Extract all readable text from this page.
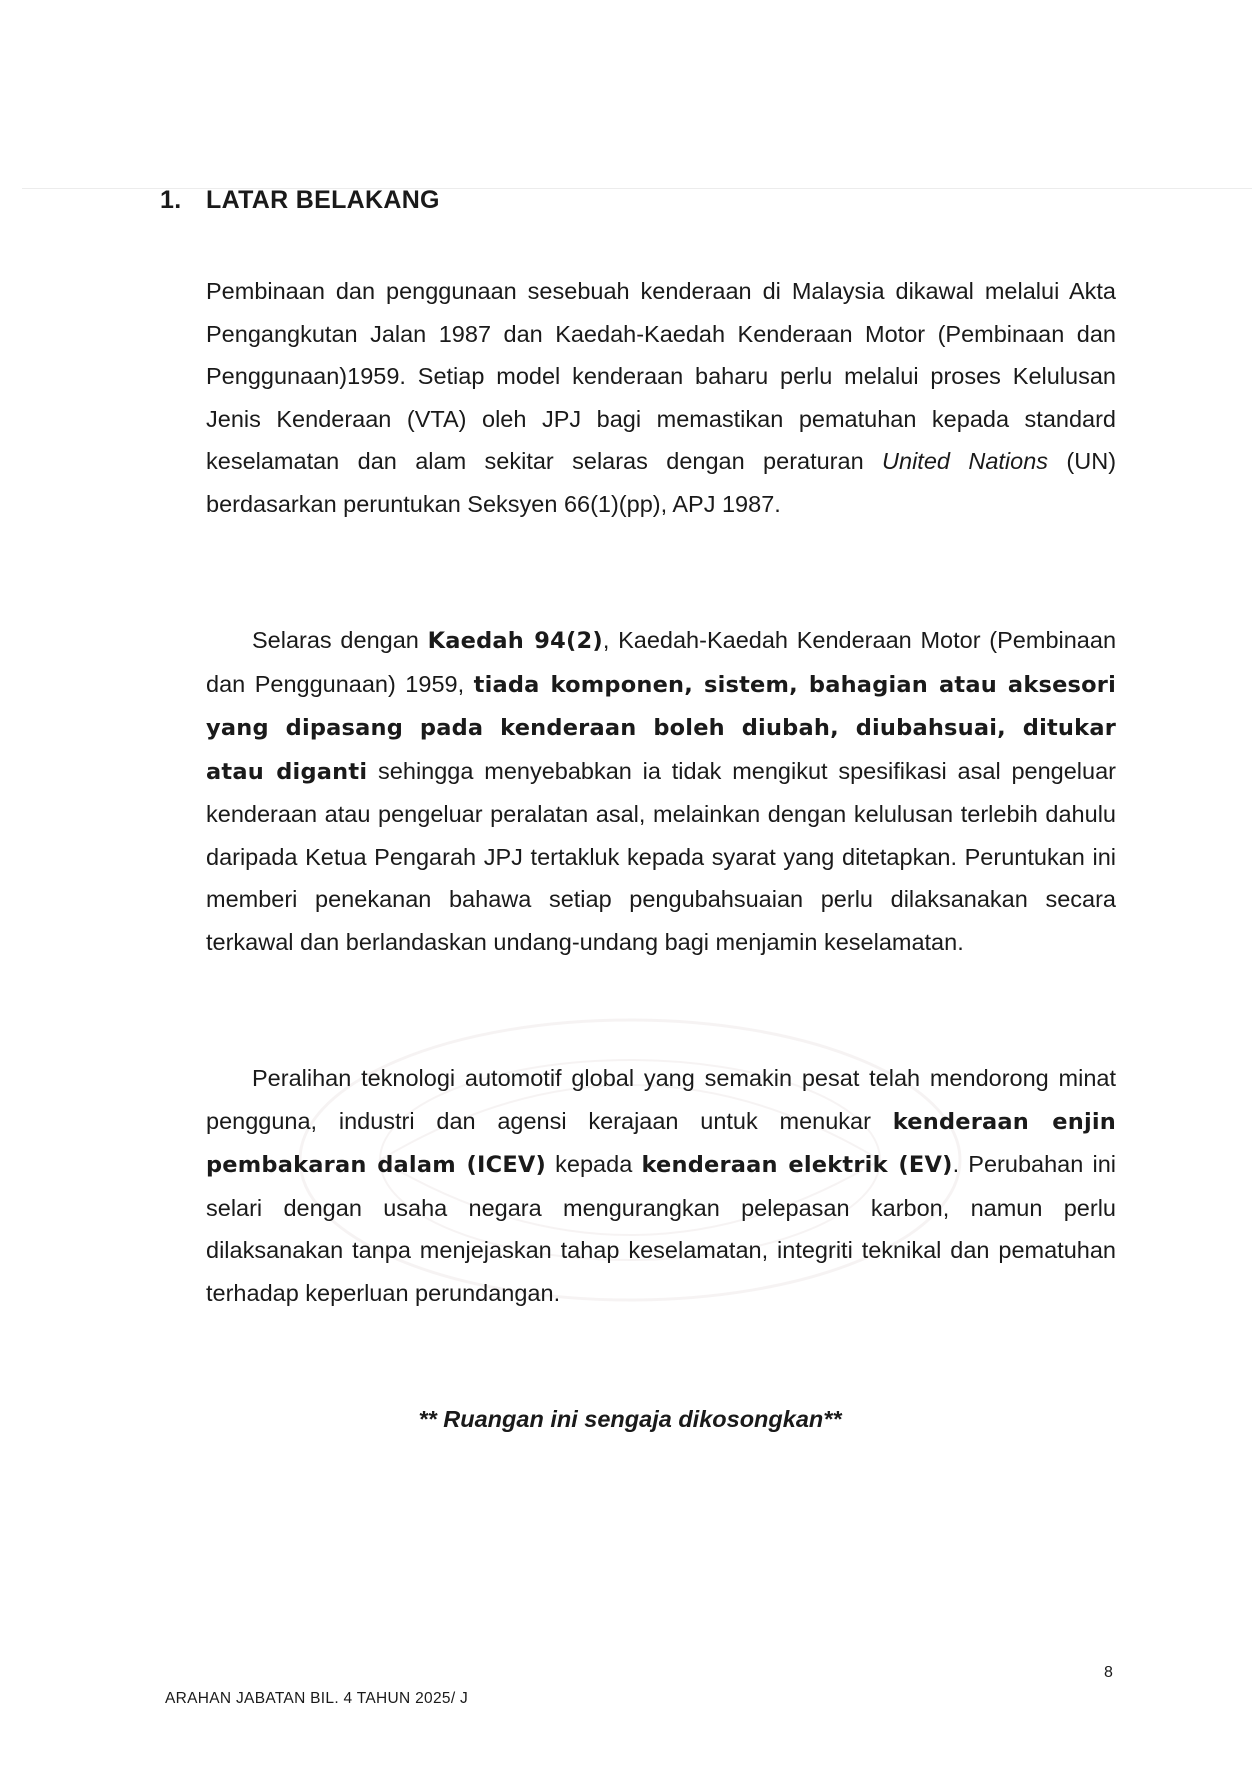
1. LATAR BELAKANG
Pembinaan dan penggunaan sesebuah kenderaan di Malaysia dikawal melalui Akta Pengangkutan Jalan 1987 dan Kaedah-Kaedah Kenderaan Motor (Pembinaan dan Penggunaan)1959. Setiap model kenderaan baharu perlu melalui proses Kelulusan Jenis Kenderaan (VTA) oleh JPJ bagi memastikan pematuhan kepada standard keselamatan dan alam sekitar selaras dengan peraturan United Nations (UN) berdasarkan peruntukan Seksyen 66(1)(pp), APJ 1987.
Selaras dengan Kaedah 94(2), Kaedah-Kaedah Kenderaan Motor (Pembinaan dan Penggunaan) 1959, tiada komponen, sistem, bahagian atau aksesori yang dipasang pada kenderaan boleh diubah, diubahsuai, ditukar atau diganti sehingga menyebabkan ia tidak mengikut spesifikasi asal pengeluar kenderaan atau pengeluar peralatan asal, melainkan dengan kelulusan terlebih dahulu daripada Ketua Pengarah JPJ tertakluk kepada syarat yang ditetapkan. Peruntukan ini memberi penekanan bahawa setiap pengubahsuaian perlu dilaksanakan secara terkawal dan berlandaskan undang-undang bagi menjamin keselamatan.
Peralihan teknologi automotif global yang semakin pesat telah mendorong minat pengguna, industri dan agensi kerajaan untuk menukar kenderaan enjin pembakaran dalam (ICEV) kepada kenderaan elektrik (EV). Perubahan ini selari dengan usaha negara mengurangkan pelepasan karbon, namun perlu dilaksanakan tanpa menjejaskan tahap keselamatan, integriti teknikal dan pematuhan terhadap keperluan perundangan.
** Ruangan ini sengaja dikosongkan**
ARAHAN JABATAN BIL. 4 TAHUN 2025/ J
8
